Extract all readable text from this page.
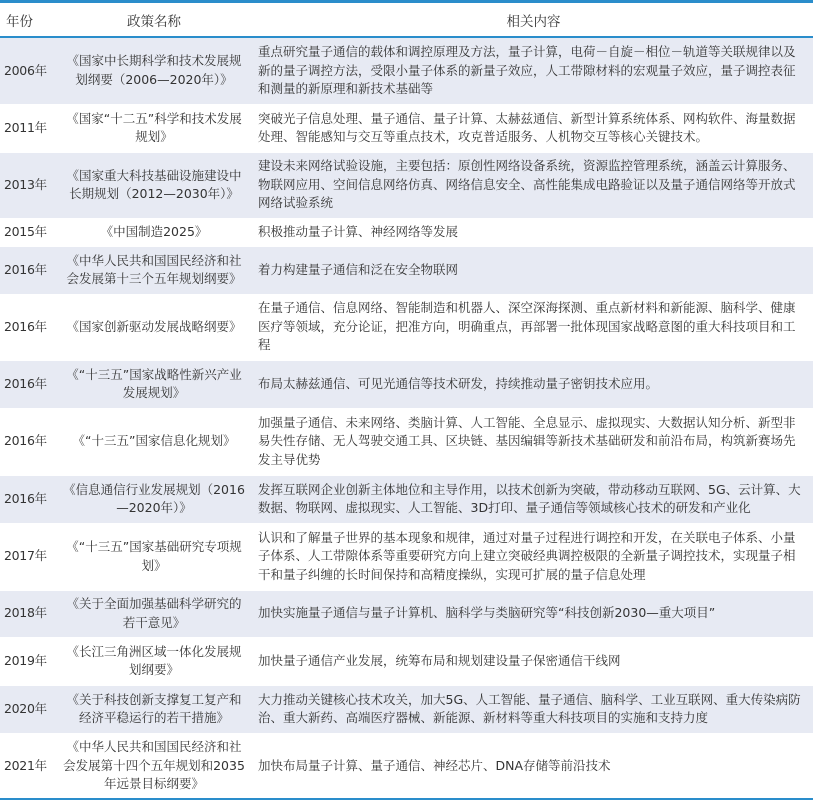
年份	政策名称	相关内容
2006年	《国家中长期科学和技术发展规划纲要（2006—2020年）》	重点研究量子通信的载体和调控原理及方法，量子计算，电荷－自旋－相位－轨道等关联规律以及新的量子调控方法，受限小量子体系的新量子效应，人工带隙材料的宏观量子效应，量子调控表征和测量的新原理和新技术基础等
2011年	《国家“十二五”科学和技术发展规划》	突破光子信息处理、量子通信、量子计算、太赫兹通信、新型计算系统体系、网构软件、海量数据处理、智能感知与交互等重点技术，攻克普适服务、人机物交互等核心关键技术。
2013年	《国家重大科技基础设施建设中长期规划（2012—2030年）》	建设未来网络试验设施，主要包括：原创性网络设备系统，资源监控管理系统，涵盖云计算服务、物联网应用、空间信息网络仿真、网络信息安全、高性能集成电路验证以及量子通信网络等开放式网络试验系统
2015年	《中国制造2025》	积极推动量子计算、神经网络等发展
2016年	《中华人民共和国国民经济和社会发展第十三个五年规划纲要》	着力构建量子通信和泛在安全物联网
2016年	《国家创新驱动发展战略纲要》	在量子通信、信息网络、智能制造和机器人、深空深海探测、重点新材料和新能源、脑科学、健康医疗等领域，充分论证，把准方向，明确重点，再部署一批体现国家战略意图的重大科技项目和工程
2016年	《“十三五”国家战略性新兴产业发展规划》	布局太赫兹通信、可见光通信等技术研发，持续推动量子密钥技术应用。
2016年	《“十三五”国家信息化规划》	加强量子通信、未来网络、类脑计算、人工智能、全息显示、虚拟现实、大数据认知分析、新型非易失性存储、无人驾驶交通工具、区块链、基因编辑等新技术基础研发和前沿布局，构筑新赛场先发主导优势
2016年	《信息通信行业发展规划（2016—2020年）》	发挥互联网企业创新主体地位和主导作用，以技术创新为突破，带动移动互联网、5G、云计算、大数据、物联网、虚拟现实、人工智能、3D打印、量子通信等领域核心技术的研发和产业化
2017年	《“十三五”国家基础研究专项规划》	认识和了解量子世界的基本现象和规律，通过对量子过程进行调控和开发，在关联电子体系、小量子体系、人工带隙体系等重要研究方向上建立突破经典调控极限的全新量子调控技术，实现量子相干和量子纠缠的长时间保持和高精度操纵，实现可扩展的量子信息处理
2018年	《关于全面加强基础科学研究的若干意见》	加快实施量子通信与量子计算机、脑科学与类脑研究等“科技创新2030—重大项目”
2019年	《长江三角洲区域一体化发展规划纲要》	加快量子通信产业发展，统筹布局和规划建设量子保密通信干线网
2020年	《关于科技创新支撑复工复产和经济平稳运行的若干措施》	大力推动关键核心技术攻关，加大5G、人工智能、量子通信、脑科学、工业互联网、重大传染病防治、重大新药、高端医疗器械、新能源、新材料等重大科技项目的实施和支持力度
2021年	《中华人民共和国国民经济和社会发展第十四个五年规划和2035年远景目标纲要》	加快布局量子计算、量子通信、神经芯片、DNA存储等前沿技术
